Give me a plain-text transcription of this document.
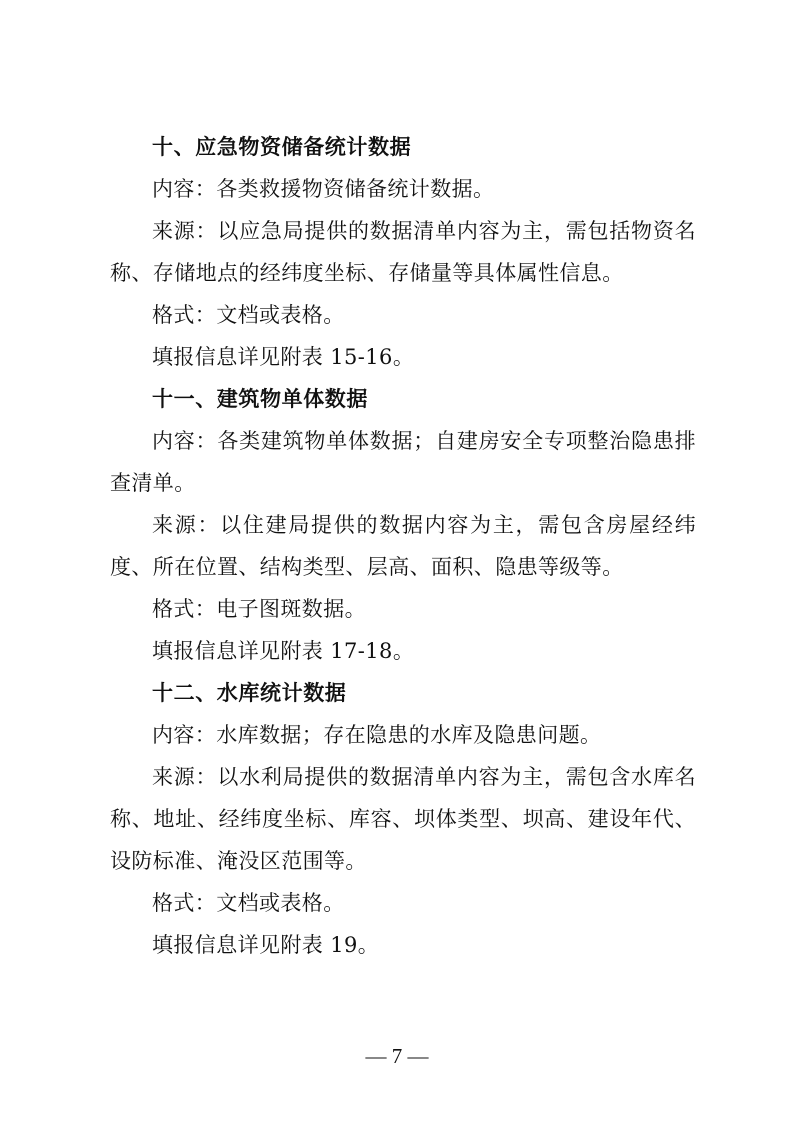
十、应急物资储备统计数据

内容：各类救援物资储备统计数据。

来源：以应急局提供的数据清单内容为主，需包括物资名称、存储地点的经纬度坐标、存储量等具体属性信息。

格式：文档或表格。

填报信息详见附表 15-16。

十一、建筑物单体数据

内容：各类建筑物单体数据；自建房安全专项整治隐患排查清单。

来源：以住建局提供的数据内容为主，需包含房屋经纬度、所在位置、结构类型、层高、面积、隐患等级等。

格式：电子图斑数据。

填报信息详见附表 17-18。

十二、水库统计数据

内容：水库数据；存在隐患的水库及隐患问题。

来源：以水利局提供的数据清单内容为主，需包含水库名称、地址、经纬度坐标、库容、坝体类型、坝高、建设年代、设防标准、淹没区范围等。

格式：文档或表格。

填报信息详见附表 19。

— 7 —
